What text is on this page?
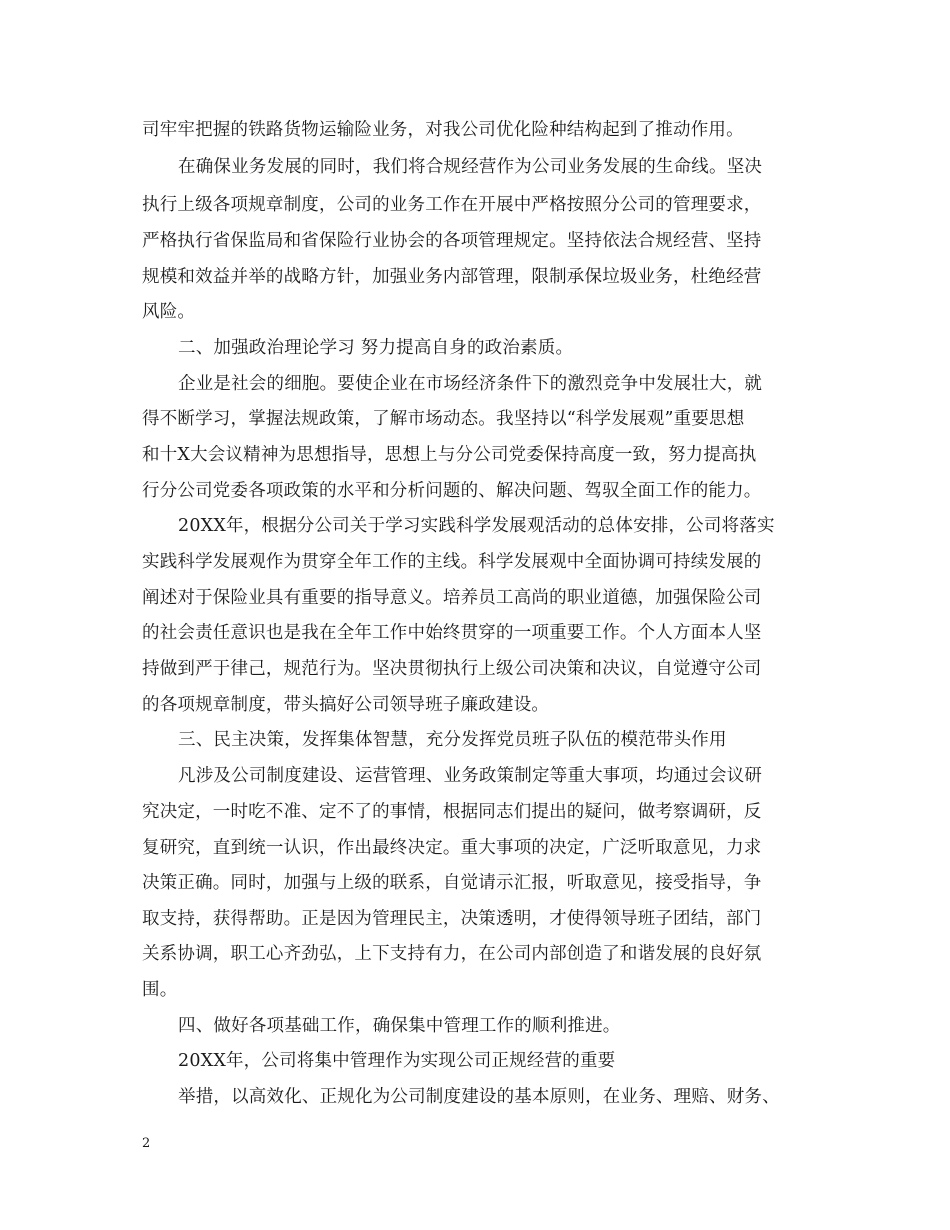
司牢牢把握的铁路货物运输险业务，对我公司优化险种结构起到了推动作用。
在确保业务发展的同时，我们将合规经营作为公司业务发展的生命线。坚决
执行上级各项规章制度，公司的业务工作在开展中严格按照分公司的管理要求，
严格执行省保监局和省保险行业协会的各项管理规定。坚持依法合规经营、坚持
规模和效益并举的战略方针，加强业务内部管理，限制承保垃圾业务，杜绝经营
风险。
二、加强政治理论学习 努力提高自身的政治素质。
企业是社会的细胞。要使企业在市场经济条件下的激烈竞争中发展壮大，就
得不断学习，掌握法规政策，了解市场动态。我坚持以“科学发展观”重要思想
和十X大会议精神为思想指导，思想上与分公司党委保持高度一致，努力提高执
行分公司党委各项政策的水平和分析问题的、解决问题、驾驭全面工作的能力。
20XX年，根据分公司关于学习实践科学发展观活动的总体安排，公司将落实
实践科学发展观作为贯穿全年工作的主线。科学发展观中全面协调可持续发展的
阐述对于保险业具有重要的指导意义。培养员工高尚的职业道德，加强保险公司
的社会责任意识也是我在全年工作中始终贯穿的一项重要工作。个人方面本人坚
持做到严于律己，规范行为。坚决贯彻执行上级公司决策和决议，自觉遵守公司
的各项规章制度，带头搞好公司领导班子廉政建设。
三、民主决策，发挥集体智慧，充分发挥党员班子队伍的模范带头作用
凡涉及公司制度建设、运营管理、业务政策制定等重大事项，均通过会议研
究决定，一时吃不准、定不了的事情，根据同志们提出的疑问，做考察调研，反
复研究，直到统一认识，作出最终决定。重大事项的决定，广泛听取意见，力求
决策正确。同时，加强与上级的联系，自觉请示汇报，听取意见，接受指导，争
取支持，获得帮助。正是因为管理民主，决策透明，才使得领导班子团结，部门
关系协调，职工心齐劲弘，上下支持有力，在公司内部创造了和谐发展的良好氛
围。
四、做好各项基础工作，确保集中管理工作的顺利推进。
20XX年，公司将集中管理作为实现公司正规经营的重要
举措，以高效化、正规化为公司制度建设的基本原则，在业务、理赔、财务、
2
